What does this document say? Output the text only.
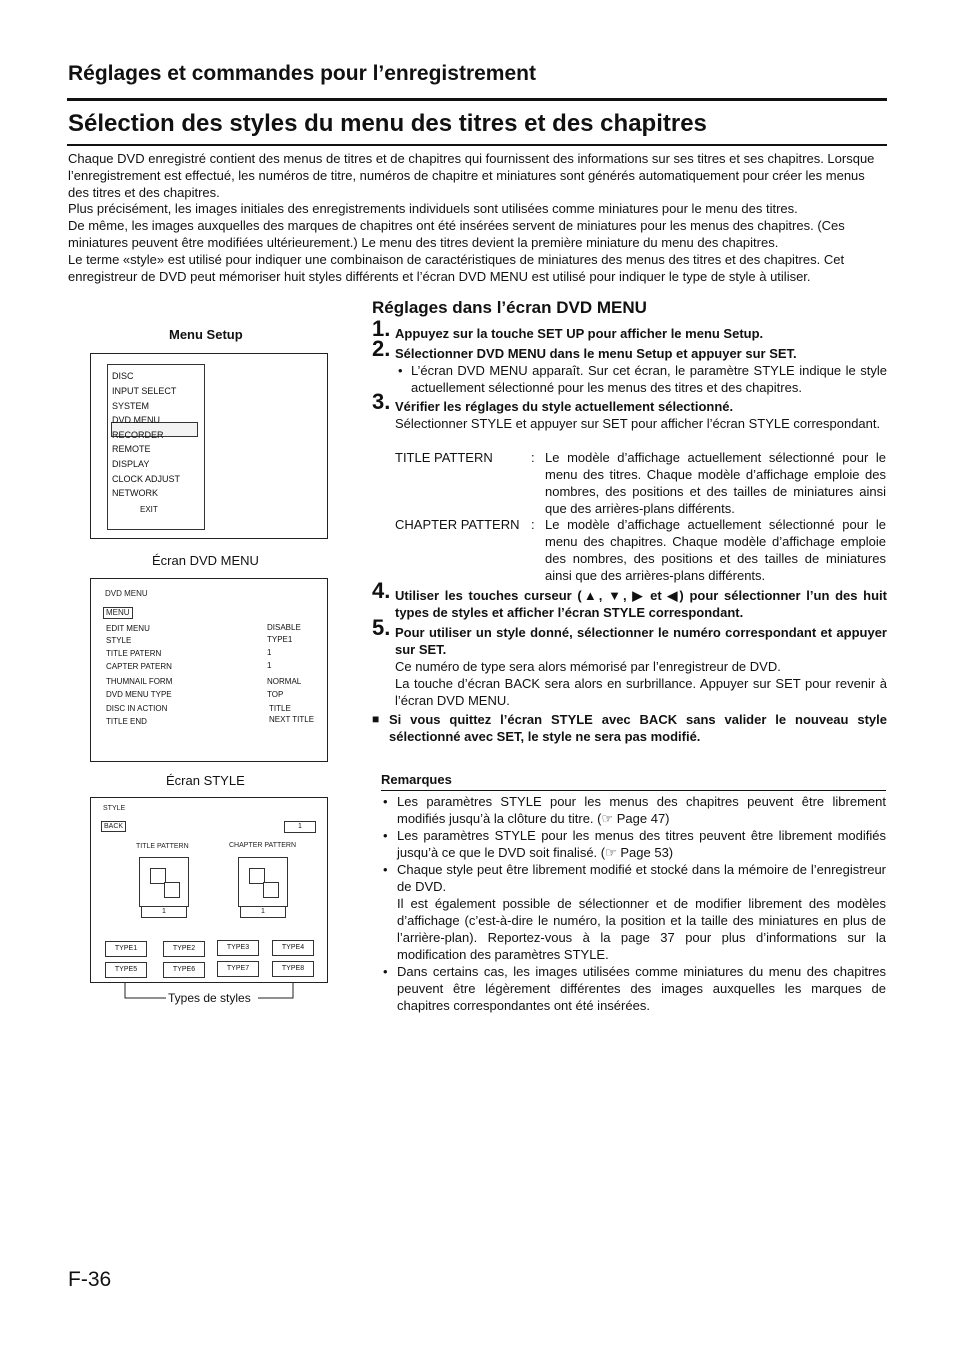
Réglages et commandes pour l’enregistrement
Sélection des styles du menu des titres et des chapitres

Chaque DVD enregistré contient des menus de titres et de chapitres qui fournissent des informations sur ses titres et ses chapitres. Lorsque l’enregistrement est effectué, les numéros de titre, numéros de chapitre et miniatures sont générés automatiquement pour créer les menus des titres et des chapitres.

Plus précisément, les images initiales des enregistrements individuels sont utilisées comme miniatures pour le menu des titres.

De même, les images auxquelles des marques de chapitres ont été insérées servent de miniatures pour les menus des chapitres. (Ces miniatures peuvent être modifiées ultérieurement.) Le menu des titres devient la première miniature du menu des chapitres.

Le terme «style» est utilisé pour indiquer une combinaison de caractéristiques de miniatures des menus des titres et des chapitres. Cet enregistreur de DVD peut mémoriser huit styles différents et l’écran DVD MENU est utilisé pour indiquer le type de style à utiliser.

Menu Setup
DISC
INPUT SELECT
SYSTEM
DVD MENU
RECORDER
REMOTE
DISPLAY
CLOCK ADJUST
NETWORK
EXIT
Écran DVD MENU
DVD MENU
MENU
EDIT MENU	DISABLE
STYLE	TYPE1
TITLE PATERN	1
CAPTER PATERN	1
THUMNAIL FORM	NORMAL
DVD MENU TYPE	TOP
DISC IN ACTION	TITLE
TITLE END	NEXT TITLE
Écran STYLE
STYLE
BACK	1
TITLE PATTERN	CHAPTER PATTERN
1	1
TYPE1	TYPE2	TYPE3	TYPE4
TYPE5	TYPE6	TYPE7	TYPE8
Types de styles
Réglages dans l’écran DVD MENU
1. Appuyez sur la touche SET UP pour afficher le menu Setup.
2. Sélectionner DVD MENU dans le menu Setup et appuyer sur SET.
• L’écran DVD MENU apparaît. Sur cet écran, le paramètre STYLE indique le style actuellement sélectionné pour les menus des titres et des chapitres.
3. Vérifier les réglages du style actuellement sélectionné.
Sélectionner STYLE et appuyer sur SET pour afficher l’écran STYLE correspondant.
TITLE PATTERN	: Le modèle d’affichage actuellement sélectionné pour le menu des titres. Chaque modèle d’affichage emploie des nombres, des positions et des tailles de miniatures ainsi que des arrières-plans différents.
CHAPTER PATTERN : Le modèle d’affichage actuellement sélectionné pour le menu des chapitres. Chaque modèle d’affichage emploie des nombres, des positions et des tailles de miniatures ainsi que des arrières-plans différents.
4. Utiliser les touches curseur (▲, ▼, ▶ et ◀) pour sélectionner l’un des huit types de styles et afficher l’écran STYLE correspondant.
5. Pour utiliser un style donné, sélectionner le numéro correspondant et appuyer sur SET.
Ce numéro de type sera alors mémorisé par l’enregistreur de DVD.
La touche d’écran BACK sera alors en surbrillance. Appuyer sur SET pour revenir à l’écran DVD MENU.
■ Si vous quittez l’écran STYLE avec BACK sans valider le nouveau style sélectionné avec SET, le style ne sera pas modifié.
Remarques
• Les paramètres STYLE pour les menus des chapitres peuvent être librement modifiés jusqu’à la clôture du titre. (☞ Page 47)
• Les paramètres STYLE pour les menus des titres peuvent être librement modifiés jusqu’à ce que le DVD soit finalisé. (☞ Page 53)
• Chaque style peut être librement modifié et stocké dans la mémoire de l’enregistreur de DVD.
Il est également possible de sélectionner et de modifier librement des modèles d’affichage (c’est-à-dire le numéro, la position et la taille des miniatures en plus de l’arrière-plan). Reportez-vous à la page 37 pour plus d’informations sur la modification des paramètres STYLE.
• Dans certains cas, les images utilisées comme miniatures du menu des chapitres peuvent être légèrement différentes des images auxquelles les marques de chapitres correspondantes ont été insérées.
F-36
